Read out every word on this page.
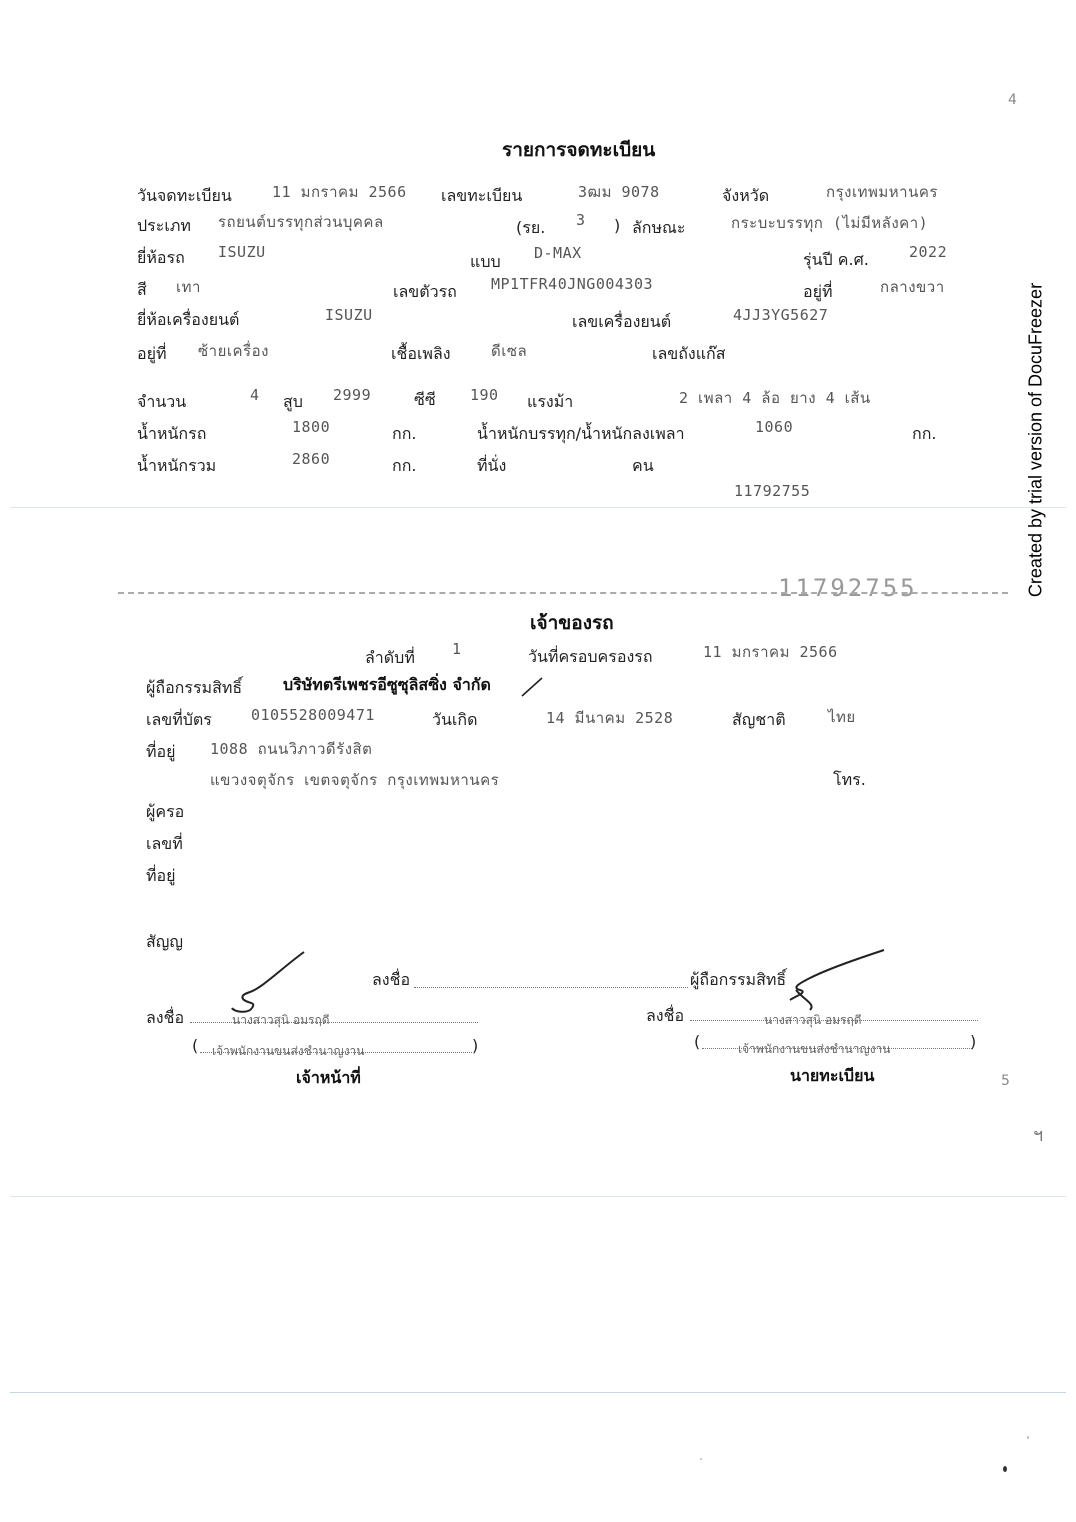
4
5
ฯ
Created by trial version of DocuFreezer
รายการจดทะเบียน
วันจดทะเบียน	11 มกราคม 2566 เลขทะเบียน	3ฒม 9078	จังหวัด	กรุงเทพมหานคร
ประเภท รถยนต์บรรทุกส่วนบุคคล	(รย. 3 ) ลักษณะ	กระบะบรรทุก (ไม่มีหลังคา)
ยี่ห้อรถ ISUZU	แบบ D-MAX	รุ่นปี ค.ศ.	2022
สี เทา	เลขตัวรถ MP1TFR40JNG004303	อยู่ที่	กลางขวา
ยี่ห้อเครื่องยนต์	ISUZU	เลขเครื่องยนต์	4JJ3YG5627
อยู่ที่ ซ้ายเครื่อง	เชื้อเพลิง	ดีเซล	เลขถังแก๊ส
จำนวน	4 สูบ 2999	ซีซี 190 แรงม้า	2 เพลา 4 ล้อ ยาง 4 เส้น
น้ำหนักรถ	1800	กก.	น้ำหนักบรรทุก/น้ำหนักลงเพลา	1060	กก.
น้ำหนักรวม	2860	กก.	ที่นั่ง	คน
11792755
11792755
เจ้าของรถ
ลำดับที่ 1	วันที่ครอบครองรถ	11 มกราคม 2566
ผู้ถือกรรมสิทธิ์	บริษัทตรีเพชรอีซูซุลิสซิ่ง จำกัด
เลขที่บัตร	0105528009471	วันเกิด	14 มีนาคม 2528	สัญชาติ	ไทย
ที่อยู่ 1088 ถนนวิภาวดีรังสิต
แขวงจตุจักร เขตจตุจักร กรุงเทพมหานคร	โทร.
ผู้ครอ
เลขที่
ที่อยู่
สัญญ
ลงชื่อ	ผู้ถือกรรมสิทธิ์
ลงชื่อ	นางสาวสุนิ อมรฤดี
( เจ้าพนักงานขนส่งชำนาญงาน	)
เจ้าหน้าที่
ลงชื่อ	นางสาวสุนิ อมรฤดี
(	เจ้าพนักงานขนส่งชำนาญงาน	)
นายทะเบียน
